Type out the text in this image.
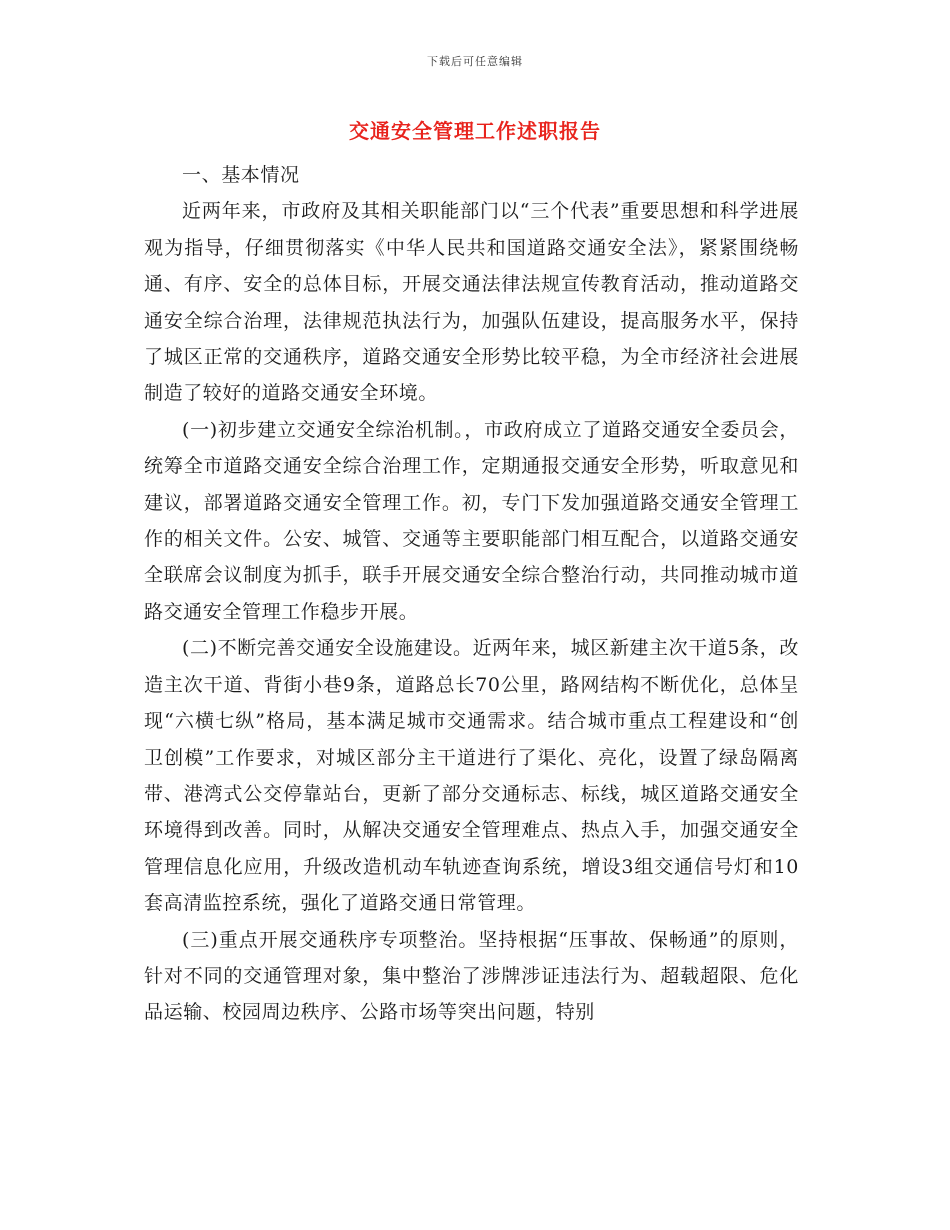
下载后可任意编辑
交通安全管理工作述职报告

一、基本情况

近两年来，市政府及其相关职能部门以“三个代表”重要思想和科学进展观为指导，仔细贯彻落实《中华人民共和国道路交通安全法》，紧紧围绕畅通、有序、安全的总体目标，开展交通法律法规宣传教育活动，推动道路交通安全综合治理，法律规范执法行为，加强队伍建设，提高服务水平，保持了城区正常的交通秩序，道路交通安全形势比较平稳，为全市经济社会进展制造了较好的道路交通安全环境。

(一)初步建立交通安全综治机制。，市政府成立了道路交通安全委员会，统筹全市道路交通安全综合治理工作，定期通报交通安全形势，听取意见和建议，部署道路交通安全管理工作。初，专门下发加强道路交通安全管理工作的相关文件。公安、城管、交通等主要职能部门相互配合，以道路交通安全联席会议制度为抓手，联手开展交通安全综合整治行动，共同推动城市道路交通安全管理工作稳步开展。

(二)不断完善交通安全设施建设。近两年来，城区新建主次干道5条，改造主次干道、背街小巷9条，道路总长70公里，路网结构不断优化，总体呈现“六横七纵”格局，基本满足城市交通需求。结合城市重点工程建设和“创卫创模”工作要求，对城区部分主干道进行了渠化、亮化，设置了绿岛隔离带、港湾式公交停靠站台，更新了部分交通标志、标线，城区道路交通安全环境得到改善。同时，从解决交通安全管理难点、热点入手，加强交通安全管理信息化应用，升级改造机动车轨迹查询系统，增设3组交通信号灯和10套高清监控系统，强化了道路交通日常管理。

(三)重点开展交通秩序专项整治。坚持根据“压事故、保畅通”的原则，针对不同的交通管理对象，集中整治了涉牌涉证违法行为、超载超限、危化品运输、校园周边秩序、公路市场等突出问题，特别
